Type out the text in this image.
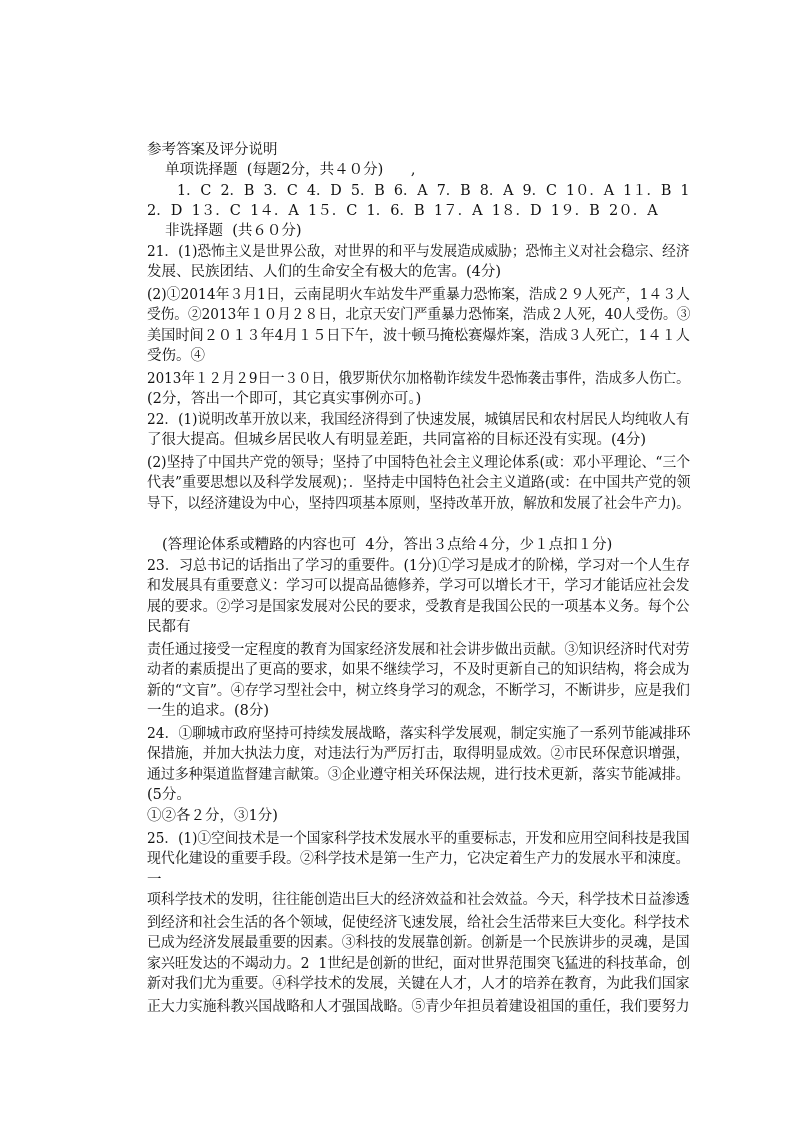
参考答案及评分说明
单项诜择题  (每题2分，共４０分)      ,
1．C  2．B  3．C  4．D  5．B  6．A  7．B  8．A  9．C  1０．A  1１．B  1
2．D  1３．C  1４．A  1５．C  1．6．B  1７．A  1８．D  1９．B  2０．A
非诜择题  (共６０分)
21．(1)恐怖主义是世界公敌，对世界的和平与发展造成威胁；恐怖主义对社会稳宗、经济
发展、民族团结、人们的生命安全有极大的危害。(4分)
(2)①2014年３月1日，云南昆明火车站发牛严重暴力恐怖案，浩成２９人死产，1４３人
受伤。②2013年１０月２８日，北京天安门严重暴力恐怖案，浩成２人死，40人受伤。③
美国时间２０１３年4月１５日下午，波十顿马掩松赛爆炸案，浩成３人死亡，1４１人
受伤。④
2013年１２月２9日一３０日，俄罗斯伏尔加格勒诈续发牛恐怖袭击事件，浩成多人伤亡。
(2分，答出一个即可，其它真实事例亦可。)
22．(1)说明改革开放以来，我国经济得到了快速发展，城镇居民和农村居民人均纯收人有
了很大提高。但城乡居民收人有明显差距，共同富裕的目标还没有实现。(4分)
(2)坚持了中国共产党的领导；坚持了中国特色社会主义理论体系(或：邓小平理论、“三个
代表”重要思想以及科学发展观)；．坚持走中国特色社会主义道路(或：在中国共产党的领
导下，以经济建设为中心，坚持四项基本原则，坚持改革开放，解放和发展了社会牛产力)。
(答理论体系或糟路的内容也可  4分，答出３点给４分，少１点扣１分)
23．习总书记的话指出了学习的重要件。(1分)①学习是成才的阶梯，学习对一个人生存
和发展具有重要意义：学习可以提高品德修养，学习可以增长才干，学习才能话应社会发
展的要求。②学习是国家发展对公民的要求，受教育是我国公民的一项基本义务。每个公
民都有
责任通过接受一定程度的教育为国家经济发展和社会讲步做出贡献。③知识经济时代对劳
动者的素质提出了更高的要求，如果不继续学习，不及时更新自己的知识结构，将会成为
新的“文盲”。④存学习型社会中，树立终身学习的观念，不断学习，不断讲步，应是我们
一生的追求。(8分)
24．①聊城市政府坚持可持续发展战略，落实科学发展观，制定实施了一系列节能减排环
保措施，并加大执法力度，对违法行为严厉打击，取得明显成效。②市民环保意识增强，
通过多种渠道监督建言献策。③企业遵守相关环保法规，进行技术更新，落实节能减排。
(5分。
①②各２分，③1分)
25．(1)①空间技术是一个国家科学技术发展水平的重要标志，开发和应用空间科技是我国
现代化建设的重要手段。②科学技术是第一生产力，它决定着生产力的发展水平和涑度。
一
项科学技术的发明，往往能创造出巨大的经济效益和社会效益。今天，科学技术日益渗透
到经济和社会生活的各个领域，促使经济飞速发展，给社会生活带来巨大变化。科学技术
已成为经济发展最重要的因素。③科技的发展靠创新。创新是一个民族讲步的灵魂，是国
家兴旺发达的不竭动力。2  1世纪是创新的世纪，面对世界范围突飞猛进的科技革命，创
新对我们尤为重要。④科学技术的发展，关键在人才，人才的培养在教育，为此我们国家
正大力实施科教兴国战略和人才强国战略。⑤青少年担员着建设祖国的重任，我们要努力
